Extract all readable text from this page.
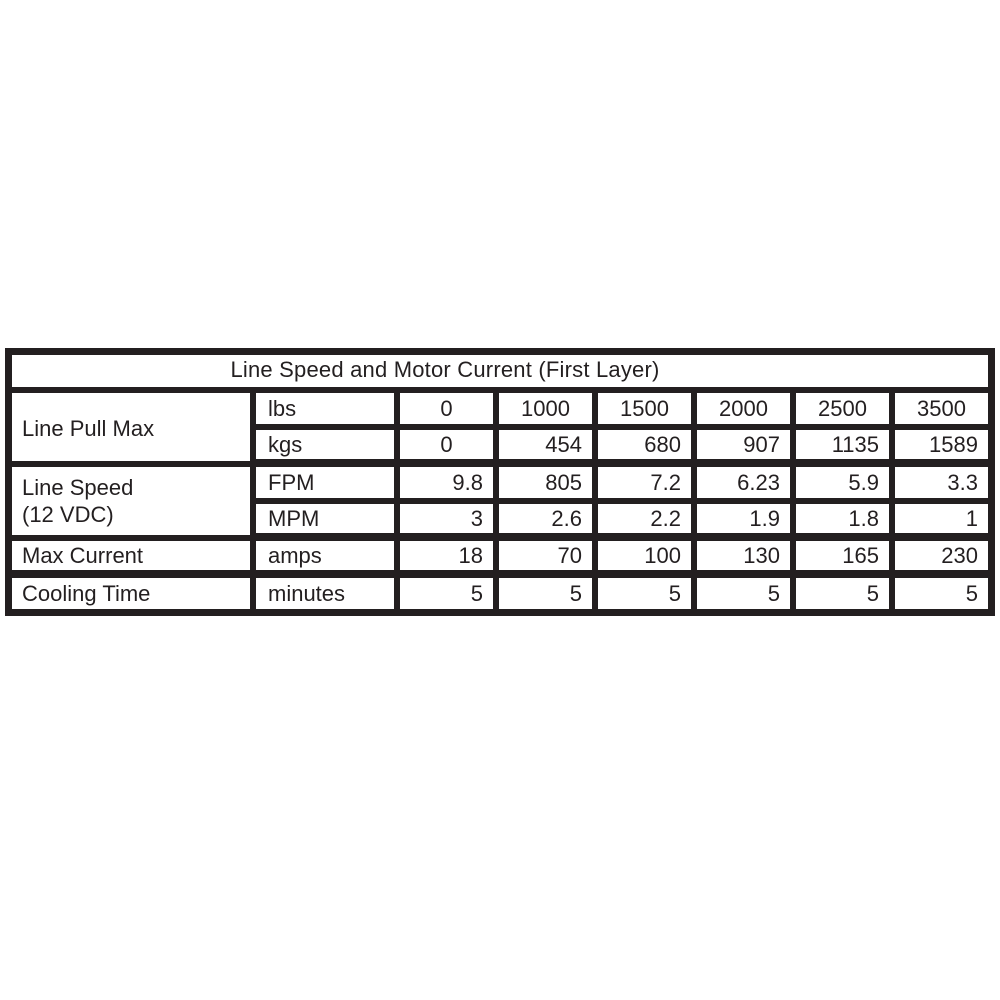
Line Speed and Motor Current (First Layer)							
Line Pull Max	lbs	0	1000	1500	2000	2500	3500
	kgs	0	454	680	907	1135	1589

Line Speed
(12 VDC)	FPM	9.8	805	7.2	6.23	5.9	3.3
	MPM	3	2.6	2.2	1.9	1.8	1
Max Current	amps	18	70	100	130	165	230
Cooling Time	minutes	5	5	5	5	5	5
